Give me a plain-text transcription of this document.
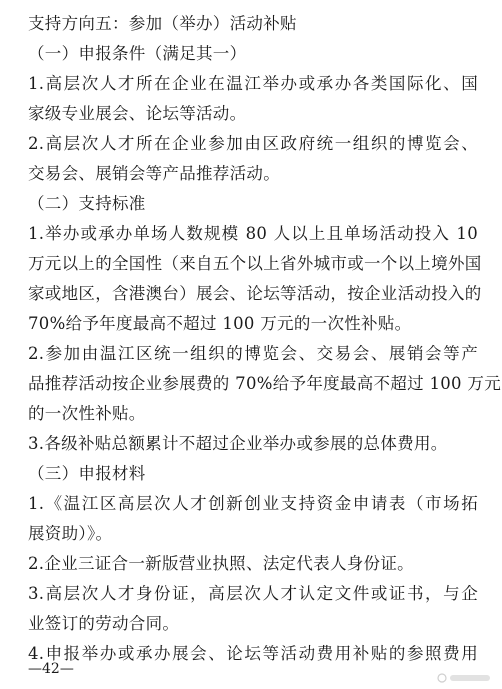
支持方向五：参加（举办）活动补贴
（一）申报条件（满足其一）
1.高层次人才所在企业在温江举办或承办各类国际化、国
家级专业展会、论坛等活动。
2.高层次人才所在企业参加由区政府统一组织的博览会、
交易会、展销会等产品推荐活动。
（二）支持标准
1.举办或承办单场人数规模 80 人以上且单场活动投入 10
万元以上的全国性（来自五个以上省外城市或一个以上境外国
家或地区，含港澳台）展会、论坛等活动，按企业活动投入的
70%给予年度最高不超过 100 万元的一次性补贴。
2.参加由温江区统一组织的博览会、交易会、展销会等产
品推荐活动按企业参展费的 70%给予年度最高不超过 100 万元
的一次性补贴。
3.各级补贴总额累计不超过企业举办或参展的总体费用。
（三）申报材料
1.《温江区高层次人才创新创业支持资金申请表（市场拓
展资助）》。
2.企业三证合一新版营业执照、法定代表人身份证。
3.高层次人才身份证，高层次人才认定文件或证书，与企
业签订的劳动合同。
4.申报举办或承办展会、论坛等活动费用补贴的参照费用
—42—
